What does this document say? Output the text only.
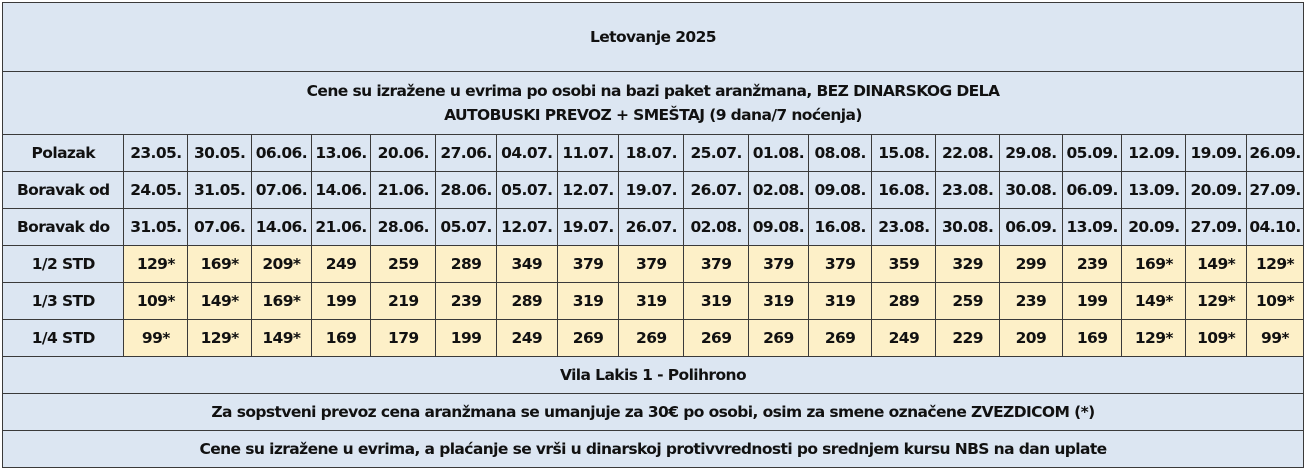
Letovanje 2025																			

Cene su izražene u evrima po osobi na bazi paket aranžmana, BEZ DINARSKOG DELA
AUTOBUSKI PREVOZ + SMEŠTAJ (9 dana/7 noćenja)																			

Polazak	23.05.	30.05.	06.06.	13.06.	20.06.	27.06.	04.07.	11.07.	18.07.	25.07.	01.08.	08.08.	15.08.	22.08.	29.08.	05.09.	12.09.	19.09.	26.09.
Boravak od	24.05.	31.05.	07.06.	14.06.	21.06.	28.06.	05.07.	12.07.	19.07.	26.07.	02.08.	09.08.	16.08.	23.08.	30.08.	06.09.	13.09.	20.09.	27.09.
Boravak do	31.05.	07.06.	14.06.	21.06.	28.06.	05.07.	12.07.	19.07.	26.07.	02.08.	09.08.	16.08.	23.08.	30.08.	06.09.	13.09.	20.09.	27.09.	04.10.
1/2 STD	129*	169*	209*	249	259	289	349	379	379	379	379	379	359	329	299	239	169*	149*	129*
1/3 STD	109*	149*	169*	199	219	239	289	319	319	319	319	319	289	259	239	199	149*	129*	109*
1/4 STD	99*	129*	149*	169	179	199	249	269	269	269	269	269	249	229	209	169	129*	109*	99*
Vila Lakis 1 - Polihrono																			
Za sopstveni prevoz cena aranžmana se umanjuje za 30€ po osobi, osim za smene označene ZVEZDICOM (*)																			
Cene su izražene u evrima, a plaćanje se vrši u dinarskoj protivvrednosti po srednjem kursu NBS na dan uplate																			
